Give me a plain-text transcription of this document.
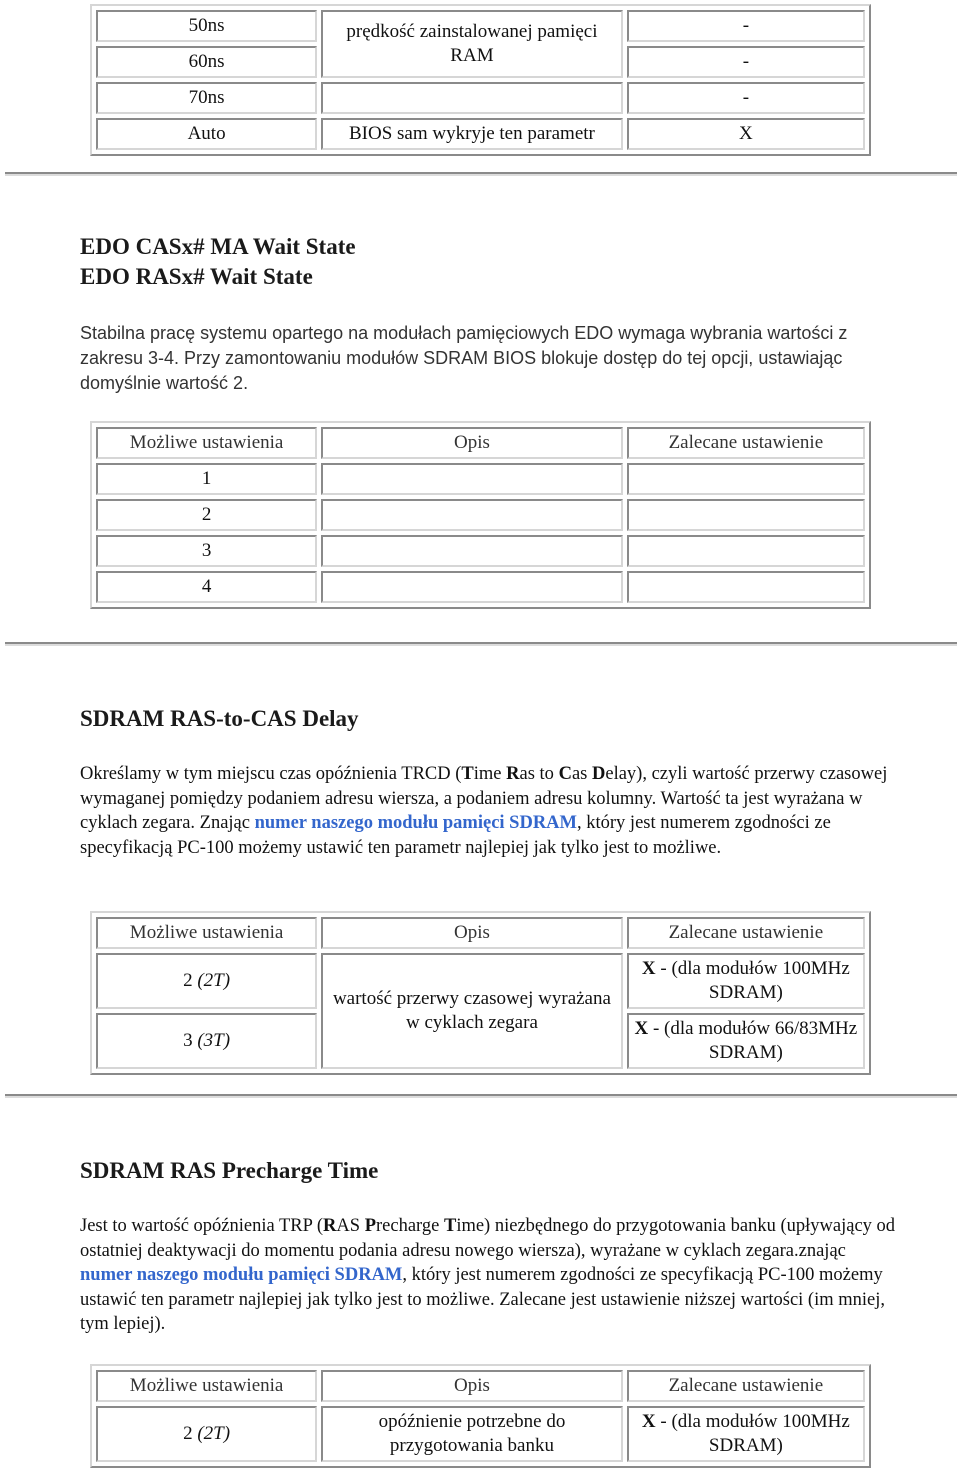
50ns	prędkość zainstalowanej pamięci RAM	-
60ns		-
70ns		-
Auto	BIOS sam wykryje ten parametr	X
EDO CASx# MA Wait State
EDO RASx# Wait State

Stabilna pracę systemu opartego na modułach pamięciowych EDO wymaga wybrania wartości z zakresu 3-4. Przy zamontowaniu modułów SDRAM BIOS blokuje dostęp do tej opcji, ustawiając domyślnie wartość 2.

Możliwe ustawienia	Opis	Zalecane ustawienie
1		
2		
3		
4		
SDRAM RAS-to-CAS Delay

Określamy w tym miejscu czas opóźnienia TRCD (Time Ras to Cas Delay), czyli wartość przerwy czasowej wymaganej pomiędzy podaniem adresu wiersza, a podaniem adresu kolumny. Wartość ta jest wyrażana w cyklach zegara. Znając numer naszego modułu pamięci SDRAM, który jest numerem zgodności ze specyfikacją PC-100 możemy ustawić ten parametr najlepiej jak tylko jest to możliwe.

Możliwe ustawienia	Opis	Zalecane ustawienie
2 (2T)	wartość przerwy czasowej wyrażana w cyklach zegara	X - (dla modułów 100MHz SDRAM)
3 (3T)		X - (dla modułów 66/83MHz SDRAM)
SDRAM RAS Precharge Time

Jest to wartość opóźnienia TRP (RAS Precharge Time) niezbędnego do przygotowania banku (upływający od ostatniej deaktywacji do momentu podania adresu nowego wiersza), wyrażane w cyklach zegara.znając numer naszego modułu pamięci SDRAM, który jest numerem zgodności ze specyfikacją PC-100 możemy ustawić ten parametr najlepiej jak tylko jest to możliwe. Zalecane jest ustawienie niższej wartości (im mniej, tym lepiej).

Możliwe ustawienia	Opis	Zalecane ustawienie
2 (2T)	opóźnienie potrzebne do przygotowania banku	X - (dla modułów 100MHz SDRAM)
